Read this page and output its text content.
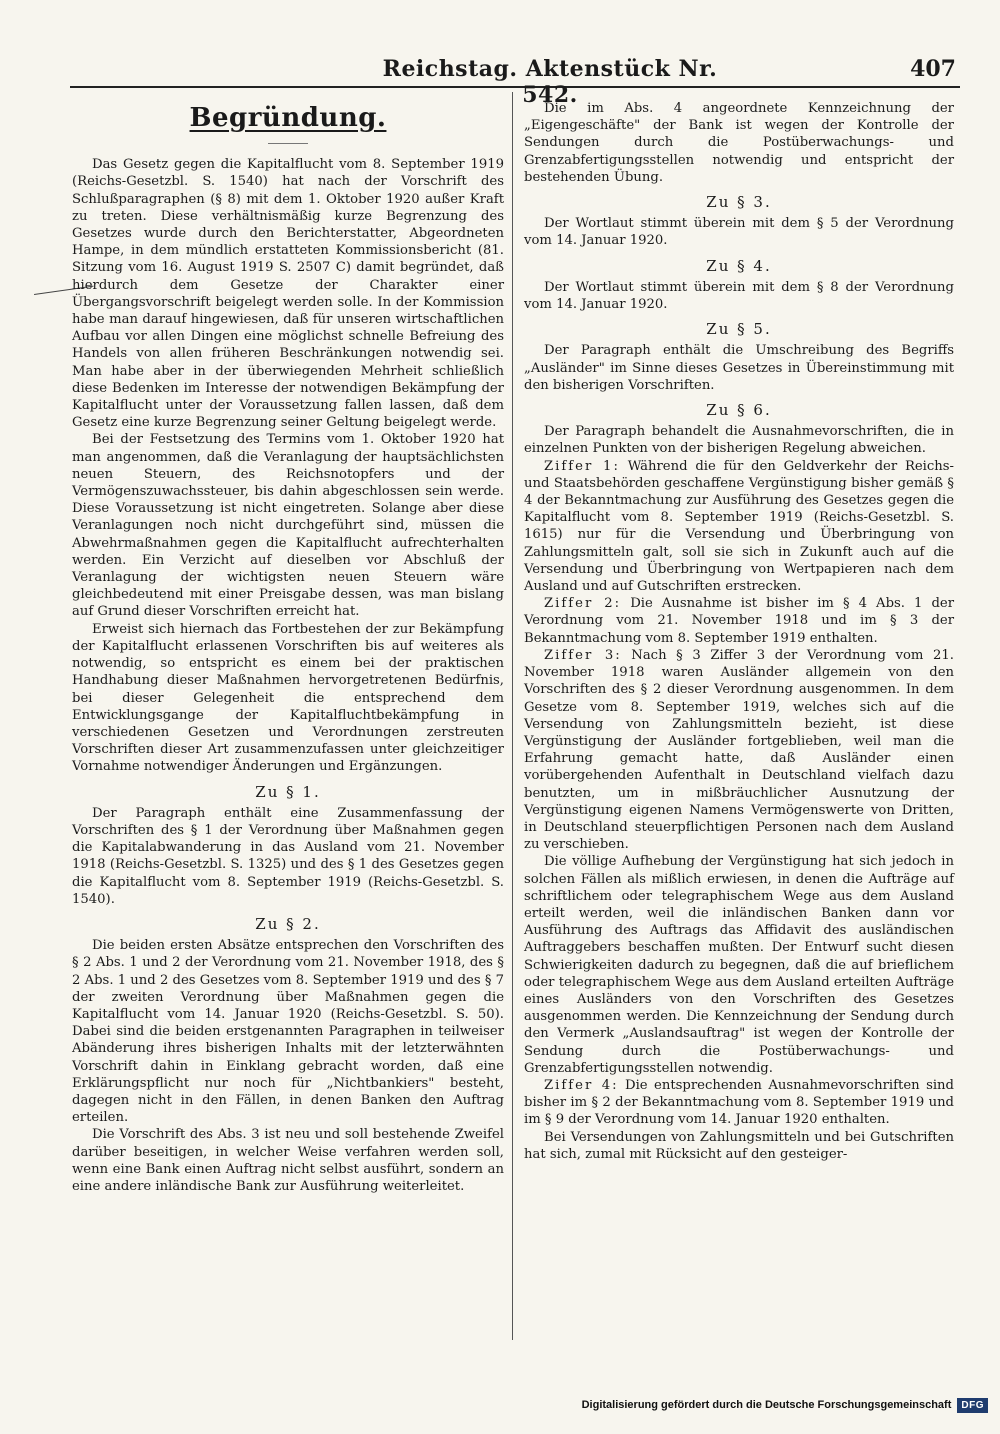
Reichstag. Aktenstück Nr. 542.
407
Begründung.

Das Gesetz gegen die Kapitalflucht vom 8. September 1919 (Reichs-Gesetzbl. S. 1540) hat nach der Vorschrift des Schlußparagraphen (§ 8) mit dem 1. Oktober 1920 außer Kraft zu treten. Diese verhältnismäßig kurze Begrenzung des Gesetzes wurde durch den Berichterstatter, Abgeordneten Hampe, in dem mündlich erstatteten Kommissionsbericht (81. Sitzung vom 16. August 1919 S. 2507 C) damit begründet, daß hierdurch dem Gesetze der Charakter einer Übergangsvorschrift beigelegt werden solle. In der Kommission habe man darauf hingewiesen, daß für unseren wirtschaftlichen Aufbau vor allen Dingen eine möglichst schnelle Befreiung des Handels von allen früheren Beschränkungen notwendig sei. Man habe aber in der überwiegenden Mehrheit schließlich diese Bedenken im Interesse der notwendigen Bekämpfung der Kapitalflucht unter der Voraussetzung fallen lassen, daß dem Gesetz eine kurze Begrenzung seiner Geltung beigelegt werde.

Bei der Festsetzung des Termins vom 1. Oktober 1920 hat man angenommen, daß die Veranlagung der hauptsächlichsten neuen Steuern, des Reichsnotopfers und der Vermögenszuwachssteuer, bis dahin abgeschlossen sein werde. Diese Voraussetzung ist nicht eingetreten. Solange aber diese Veranlagungen noch nicht durchgeführt sind, müssen die Abwehrmaßnahmen gegen die Kapitalflucht aufrechterhalten werden. Ein Verzicht auf dieselben vor Abschluß der Veranlagung der wichtigsten neuen Steuern wäre gleichbedeutend mit einer Preisgabe dessen, was man bislang auf Grund dieser Vorschriften erreicht hat.

Erweist sich hiernach das Fortbestehen der zur Bekämpfung der Kapitalflucht erlassenen Vorschriften bis auf weiteres als notwendig, so entspricht es einem bei der praktischen Handhabung dieser Maßnahmen hervorgetretenen Bedürfnis, bei dieser Gelegenheit die entsprechend dem Entwicklungsgange der Kapitalfluchtbekämpfung in verschiedenen Gesetzen und Verordnungen zerstreuten Vorschriften dieser Art zusammenzufassen unter gleichzeitiger Vornahme notwendiger Änderungen und Ergänzungen.

Zu § 1.

Der Paragraph enthält eine Zusammenfassung der Vorschriften des § 1 der Verordnung über Maßnahmen gegen die Kapitalabwanderung in das Ausland vom 21. November 1918 (Reichs-Gesetzbl. S. 1325) und des § 1 des Gesetzes gegen die Kapitalflucht vom 8. September 1919 (Reichs-Gesetzbl. S. 1540).

Zu § 2.

Die beiden ersten Absätze entsprechen den Vorschriften des § 2 Abs. 1 und 2 der Verordnung vom 21. November 1918, des § 2 Abs. 1 und 2 des Gesetzes vom 8. September 1919 und des § 7 der zweiten Verordnung über Maßnahmen gegen die Kapitalflucht vom 14. Januar 1920 (Reichs-Gesetzbl. S. 50). Dabei sind die beiden erstgenannten Paragraphen in teilweiser Abänderung ihres bisherigen Inhalts mit der letzterwähnten Vorschrift dahin in Einklang gebracht worden, daß eine Erklärungspflicht nur noch für „Nichtbankiers" besteht, dagegen nicht in den Fällen, in denen Banken den Auftrag erteilen.

Die Vorschrift des Abs. 3 ist neu und soll bestehende Zweifel darüber beseitigen, in welcher Weise verfahren werden soll, wenn eine Bank einen Auftrag nicht selbst ausführt, sondern an eine andere inländische Bank zur Ausführung weiterleitet.

Die im Abs. 4 angeordnete Kennzeichnung der „Eigengeschäfte" der Bank ist wegen der Kontrolle der Sendungen durch die Postüberwachungs- und Grenzabfertigungsstellen notwendig und entspricht der bestehenden Übung.

Zu § 3.

Der Wortlaut stimmt überein mit dem § 5 der Verordnung vom 14. Januar 1920.

Zu § 4.

Der Wortlaut stimmt überein mit dem § 8 der Verordnung vom 14. Januar 1920.

Zu § 5.

Der Paragraph enthält die Umschreibung des Begriffs „Ausländer" im Sinne dieses Gesetzes in Übereinstimmung mit den bisherigen Vorschriften.

Zu § 6.

Der Paragraph behandelt die Ausnahmevorschriften, die in einzelnen Punkten von der bisherigen Regelung abweichen.

Ziffer 1: Während die für den Geldverkehr der Reichs- und Staatsbehörden geschaffene Vergünstigung bisher gemäß § 4 der Bekanntmachung zur Ausführung des Gesetzes gegen die Kapitalflucht vom 8. September 1919 (Reichs-Gesetzbl. S. 1615) nur für die Versendung und Überbringung von Zahlungsmitteln galt, soll sie sich in Zukunft auch auf die Versendung und Überbringung von Wertpapieren nach dem Ausland und auf Gutschriften erstrecken.

Ziffer 2: Die Ausnahme ist bisher im § 4 Abs. 1 der Verordnung vom 21. November 1918 und im § 3 der Bekanntmachung vom 8. September 1919 enthalten.

Ziffer 3: Nach § 3 Ziffer 3 der Verordnung vom 21. November 1918 waren Ausländer allgemein von den Vorschriften des § 2 dieser Verordnung ausgenommen. In dem Gesetze vom 8. September 1919, welches sich auf die Versendung von Zahlungsmitteln bezieht, ist diese Vergünstigung der Ausländer fortgeblieben, weil man die Erfahrung gemacht hatte, daß Ausländer einen vorübergehenden Aufenthalt in Deutschland vielfach dazu benutzten, um in mißbräuchlicher Ausnutzung der Vergünstigung eigenen Namens Vermögenswerte von Dritten, in Deutschland steuerpflichtigen Personen nach dem Ausland zu verschieben.

Die völlige Aufhebung der Vergünstigung hat sich jedoch in solchen Fällen als mißlich erwiesen, in denen die Aufträge auf schriftlichem oder telegraphischem Wege aus dem Ausland erteilt werden, weil die inländischen Banken dann vor Ausführung des Auftrags das Affidavit des ausländischen Auftraggebers beschaffen mußten. Der Entwurf sucht diesen Schwierigkeiten dadurch zu begegnen, daß die auf brieflichem oder telegraphischem Wege aus dem Ausland erteilten Aufträge eines Ausländers von den Vorschriften des Gesetzes ausgenommen werden. Die Kennzeichnung der Sendung durch den Vermerk „Auslandsauftrag" ist wegen der Kontrolle der Sendung durch die Postüberwachungs- und Grenzabfertigungsstellen notwendig.

Ziffer 4: Die entsprechenden Ausnahmevorschriften sind bisher im § 2 der Bekanntmachung vom 8. September 1919 und im § 9 der Verordnung vom 14. Januar 1920 enthalten.

Bei Versendungen von Zahlungsmitteln und bei Gutschriften hat sich, zumal mit Rücksicht auf den gesteiger-

Digitalisierung gefördert durch die Deutsche Forschungsgemeinschaft	DFG
